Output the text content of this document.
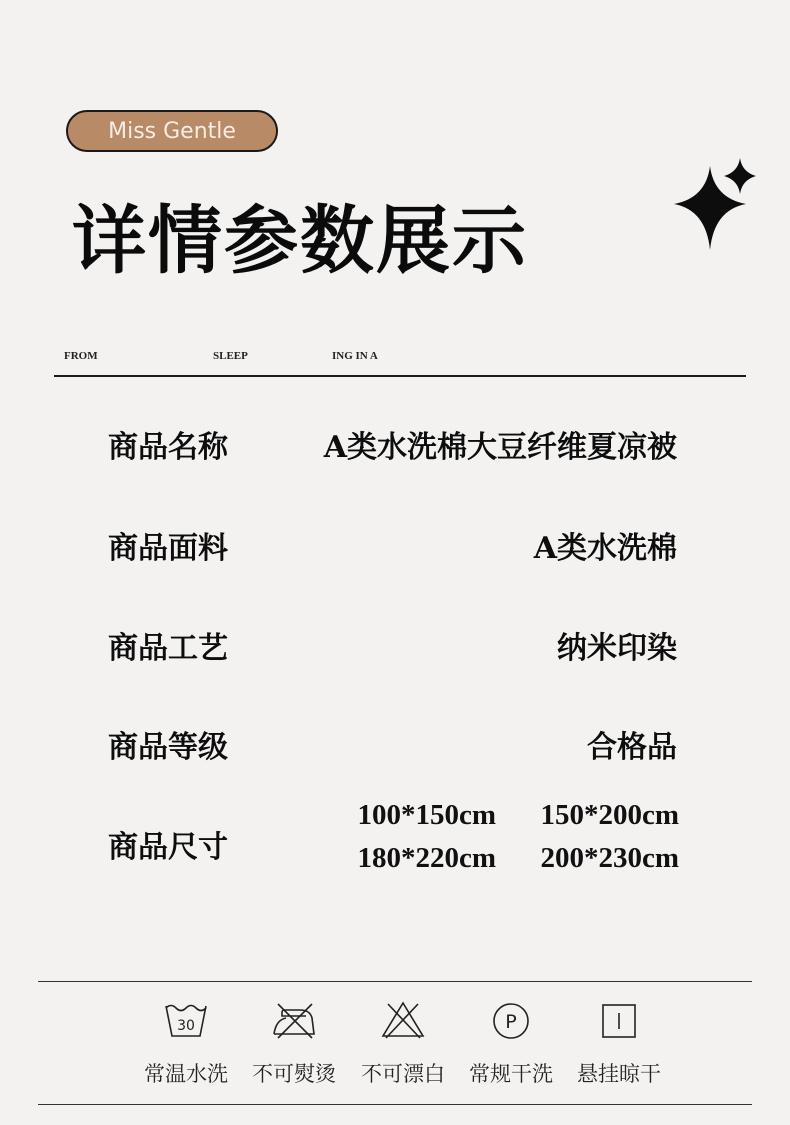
Miss Gentle
详情参数展示
FROM	SLEEP	ING IN A
商品名称	A类水洗棉大豆纤维夏凉被
商品面料	A类水洗棉
商品工艺	纳米印染
商品等级	合格品
商品尺寸
100*150cm 150*200cm
180*220cm 200*230cm
30
常温水洗	不可熨烫	不可漂白
P
常规干洗	悬挂晾干
